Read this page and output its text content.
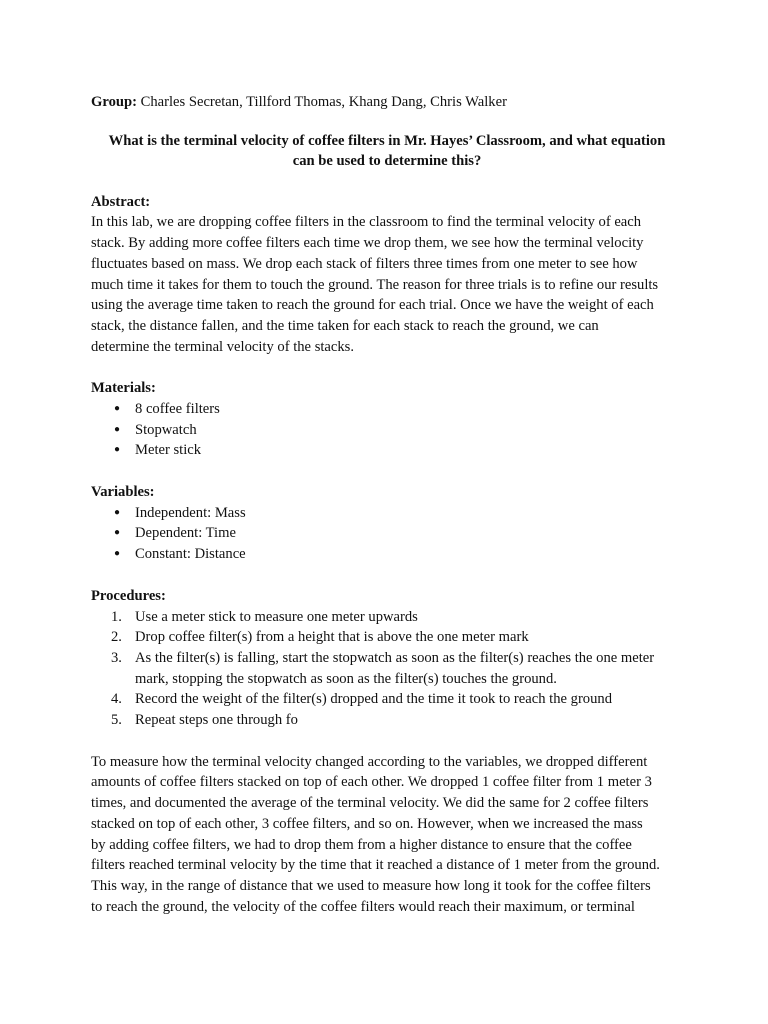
Group: Charles Secretan, Tillford Thomas, Khang Dang, Chris Walker
What is the terminal velocity of coffee filters in Mr. Hayes’ Classroom, and what equation
can be used to determine this?
Abstract:
In this lab, we are dropping coffee filters in the classroom to find the terminal velocity of each
stack. By adding more coffee filters each time we drop them, we see how the terminal velocity
fluctuates based on mass. We drop each stack of filters three times from one meter to see how
much time it takes for them to touch the ground. The reason for three trials is to refine our results
using the average time taken to reach the ground for each trial. Once we have the weight of each
stack, the distance fallen, and the time taken for each stack to reach the ground, we can
determine the terminal velocity of the stacks.
Materials:
● 8 coffee filters
● Stopwatch
● Meter stick
Variables:
● Independent: Mass
● Dependent: Time
● Constant: Distance
Procedures:
1. Use a meter stick to measure one meter upwards
2. Drop coffee filter(s) from a height that is above the one meter mark
3. As the filter(s) is falling, start the stopwatch as soon as the filter(s) reaches the one meter
mark, stopping the stopwatch as soon as the filter(s) touches the ground.
4. Record the weight of the filter(s) dropped and the time it took to reach the ground
5. Repeat steps one through fo
To measure how the terminal velocity changed according to the variables, we dropped different
amounts of coffee filters stacked on top of each other. We dropped 1 coffee filter from 1 meter 3
times, and documented the average of the terminal velocity. We did the same for 2 coffee filters
stacked on top of each other, 3 coffee filters, and so on. However, when we increased the mass
by adding coffee filters, we had to drop them from a higher distance to ensure that the coffee
filters reached terminal velocity by the time that it reached a distance of 1 meter from the ground.
This way, in the range of distance that we used to measure how long it took for the coffee filters
to reach the ground, the velocity of the coffee filters would reach their maximum, or terminal
